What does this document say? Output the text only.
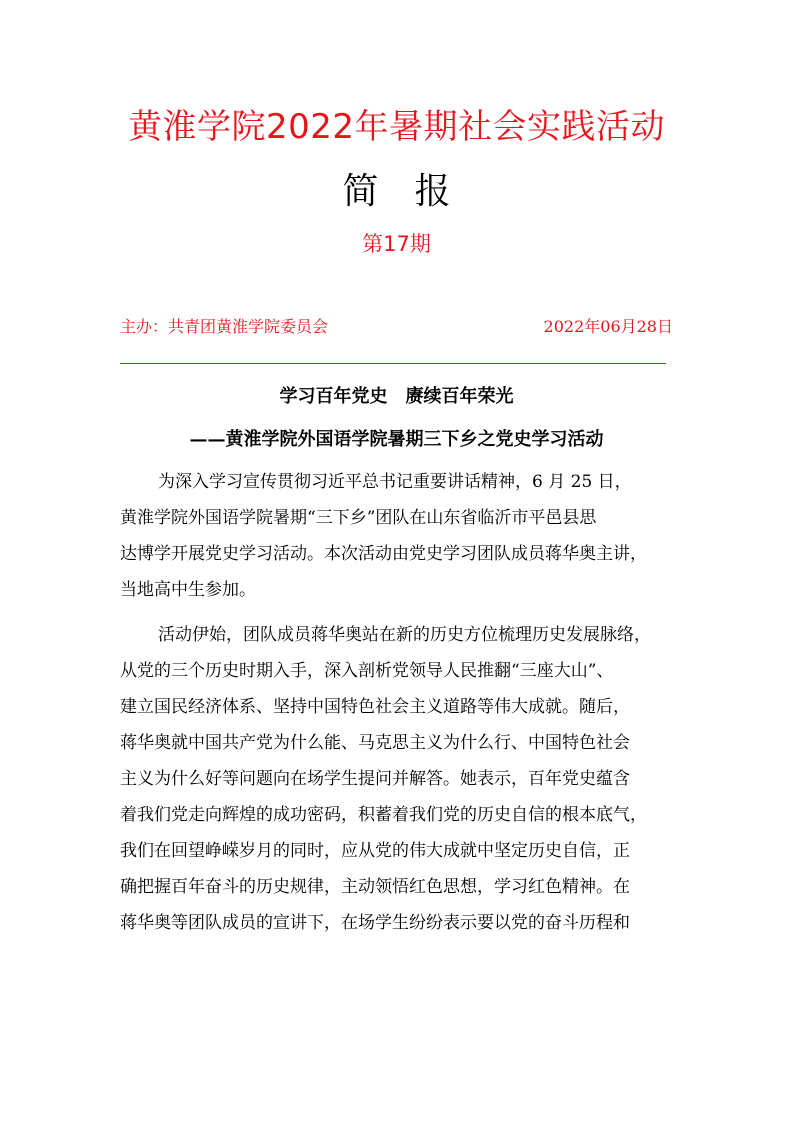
黄淮学院2022年暑期社会实践活动
简 报
第17期
主办：共青团黄淮学院委员会	2022年06月28日
学习百年党史 赓续百年荣光
——黄淮学院外国语学院暑期三下乡之党史学习活动
为深入学习宣传贯彻习近平总书记重要讲话精神，6 月 25 日，
黄淮学院外国语学院暑期“三下乡”团队在山东省临沂市平邑县思
达博学开展党史学习活动。本次活动由党史学习团队成员蒋华奥主讲，
当地高中生参加。
活动伊始，团队成员蒋华奥站在新的历史方位梳理历史发展脉络，
从党的三个历史时期入手，深入剖析党领导人民推翻“三座大山”、
建立国民经济体系、坚持中国特色社会主义道路等伟大成就。随后，
蒋华奥就中国共产党为什么能、马克思主义为什么行、中国特色社会
主义为什么好等问题向在场学生提问并解答。她表示，百年党史蕴含
着我们党走向辉煌的成功密码，积蓄着我们党的历史自信的根本底气，
我们在回望峥嵘岁月的同时，应从党的伟大成就中坚定历史自信，正
确把握百年奋斗的历史规律，主动领悟红色思想，学习红色精神。在
蒋华奥等团队成员的宣讲下，在场学生纷纷表示要以党的奋斗历程和
